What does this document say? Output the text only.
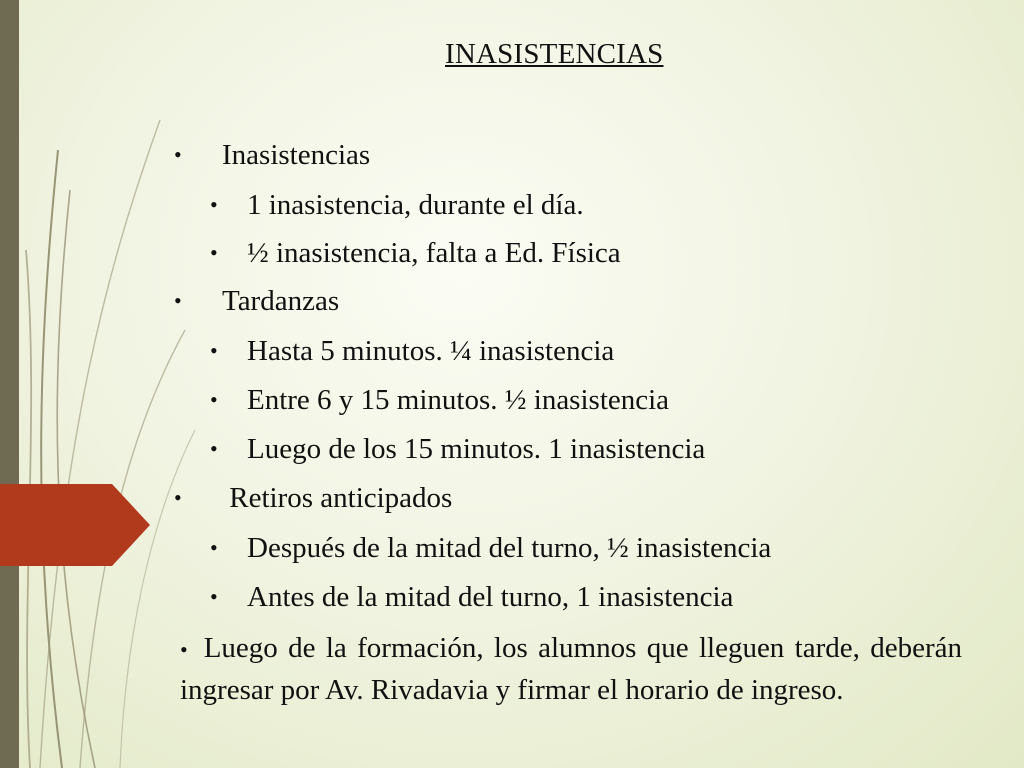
INASISTENCIAS
• Inasistencias
• 1 inasistencia, durante el día.
• ½ inasistencia, falta a Ed. Física
• Tardanzas
• Hasta 5 minutos. ¼ inasistencia
• Entre 6 y 15 minutos. ½ inasistencia
• Luego de los 15 minutos. 1 inasistencia
• Retiros anticipados
• Después de la mitad del turno, ½ inasistencia
• Antes de la mitad del turno, 1 inasistencia
• Luego de la formación, los alumnos que lleguen tarde, deberán ingresar por Av. Rivadavia y firmar el horario de ingreso.
